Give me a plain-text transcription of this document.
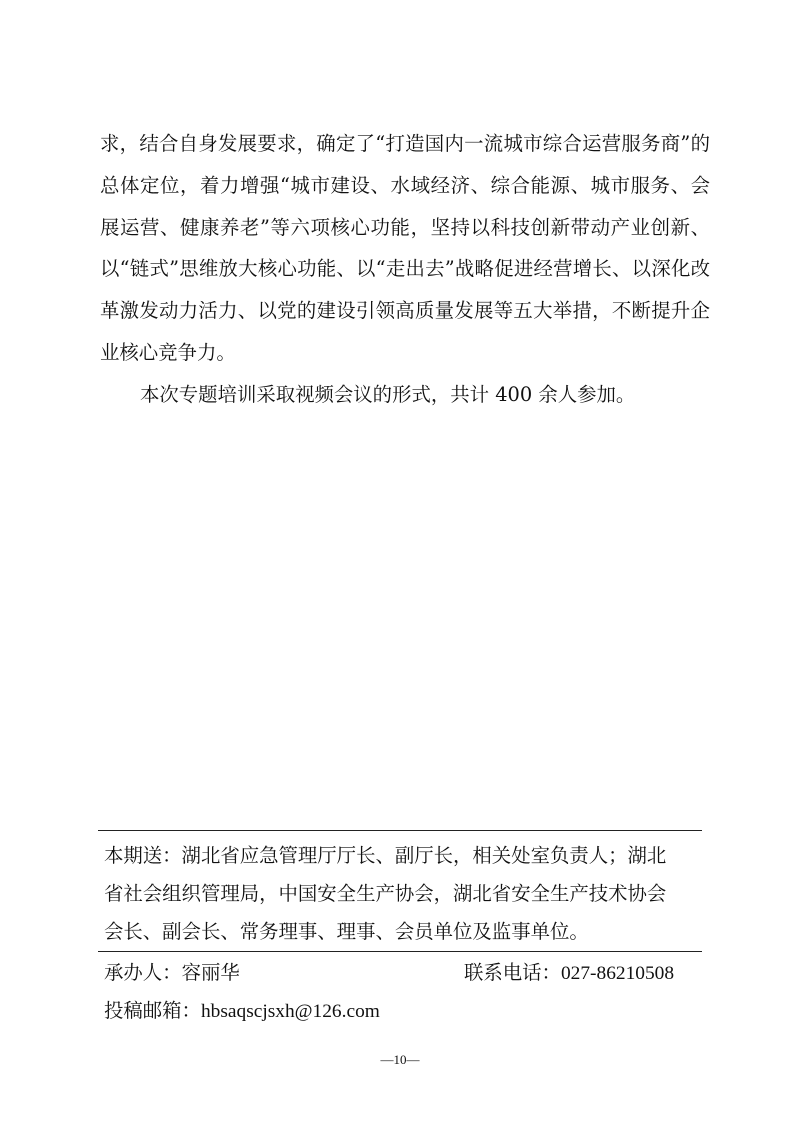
求，结合自身发展要求，确定了“打造国内一流城市综合运营服务商”的总体定位，着力增强“城市建设、水域经济、综合能源、城市服务、会展运营、健康养老”等六项核心功能，坚持以科技创新带动产业创新、以“链式”思维放大核心功能、以“走出去”战略促进经营增长、以深化改革激发动力活力、以党的建设引领高质量发展等五大举措，不断提升企业核心竞争力。

本次专题培训采取视频会议的形式，共计 400 余人参加。

本期送：湖北省应急管理厅厅长、副厅长，相关处室负责人；湖北

省社会组织管理局，中国安全生产协会，湖北省安全生产技术协会

会长、副会长、常务理事、理事、会员单位及监事单位。

承办人：容丽华	联系电话：027-86210508
投稿邮箱：hbsaqscjsxh@126.com
—10—
